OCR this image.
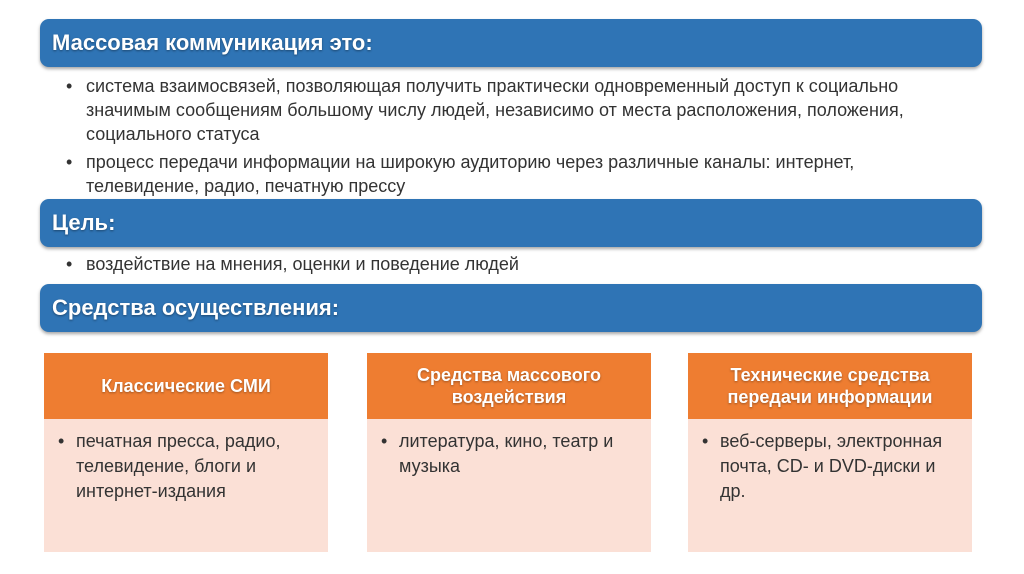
Массовая коммуникация это:
• система взаимосвязей, позволяющая получить практически одновременный доступ к социально значимым сообщениям большому числу людей, независимо от места расположения, положения, социального статуса
• процесс передачи информации на широкую аудиторию через различные каналы: интернет, телевидение, радио, печатную прессу
Цель:
• воздействие на мнения, оценки и поведение людей
Средства осуществления:
Классические СМИ
• печатная пресса, радио, телевидение, блоги и интернет-издания
Средства массового воздействия
• литература, кино, театр и музыка
Технические средства передачи информации
• веб-серверы, электронная почта, CD- и DVD-диски и др.
